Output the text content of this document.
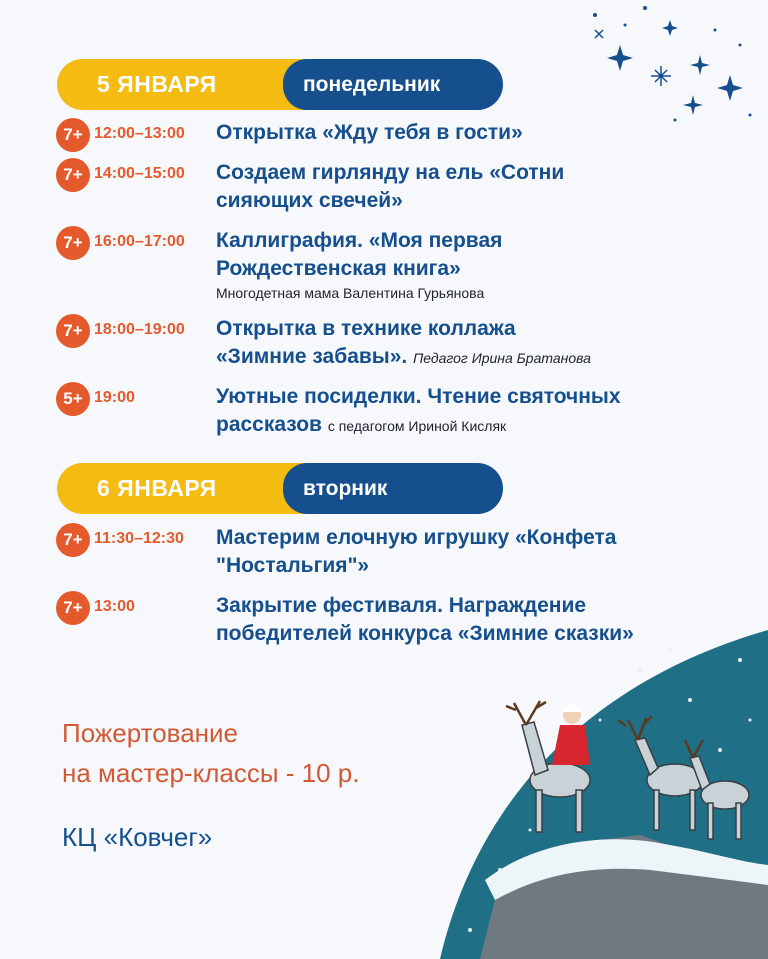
5 ЯНВАРЯ	понедельник
7+ 12:00–13:00 Открытка «Жду тебя в гости»
7+ 14:00–15:00 Создаем гирлянду на ель «Сотни сияющих свечей»
7+ 16:00–17:00 Каллиграфия. «Моя первая Рождественская книга»
Многодетная мама Валентина Гурьянова
7+ 18:00–19:00 Открытка в технике коллажа «Зимние забавы». Педагог Ирина Братанова
5+ 19:00	Уютные посиделки. Чтение святочных рассказов с педагогом Ириной Кисляк
6 ЯНВАРЯ	вторник
7+ 11:30–12:30 Мастерим елочную игрушку «Конфета "Ностальгия"»
7+ 13:00	Закрытие фестиваля. Награждение победителей конкурса «Зимние сказки»
Пожертование
на мастер-классы - 10 р.
КЦ «Ковчег»
